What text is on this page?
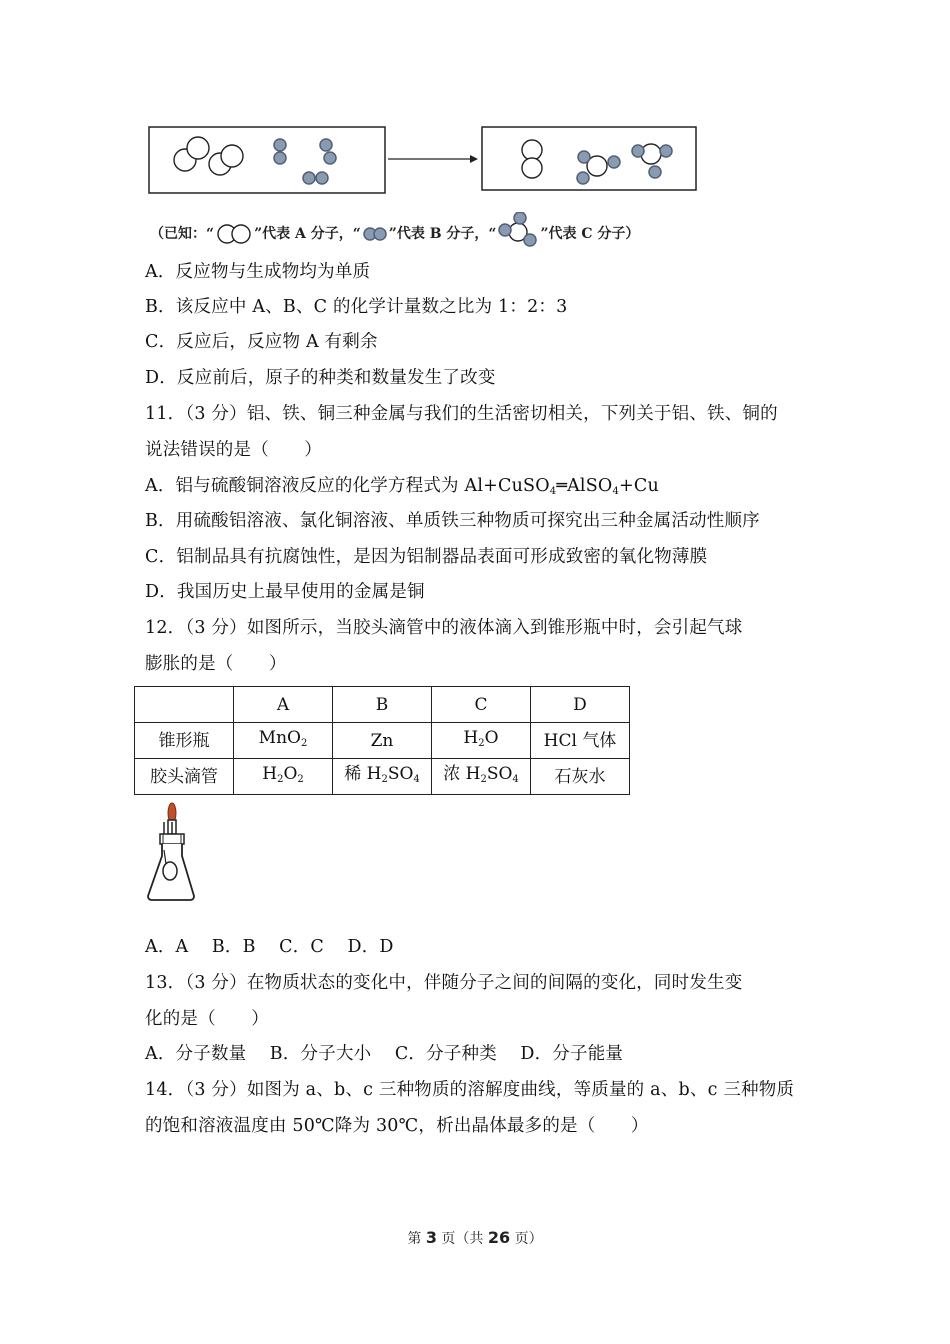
（已知：“	”代表 A 分子，“ ”代表 B 分子，“	”代表 C 分子）
A．反应物与生成物均为单质
B．该反应中 A、B、C 的化学计量数之比为 1：2：3
C．反应后，反应物 A 有剩余
D．反应前后，原子的种类和数量发生了改变
11．（3 分）铝、铁、铜三种金属与我们的生活密切相关，下列关于铝、铁、铜的
说法错误的是（　　）
A．铝与硫酸铜溶液反应的化学方程式为 Al+CuSO$_4$═AlSO$_4$+Cu
B．用硫酸铝溶液、氯化铜溶液、单质铁三种物质可探究出三种金属活动性顺序
C．铝制品具有抗腐蚀性，是因为铝制器品表面可形成致密的氧化物薄膜
D．我国历史上最早使用的金属是铜
12．（3 分）如图所示，当胶头滴管中的液体滴入到锥形瓶中时，会引起气球
膨胀的是（　　）
	A	B	C	D
锥形瓶	MnO$_2$	Zn	$H_2O$	HCl 气体
胶头滴管	$H_2O_2$	稀 $H_2SO_4$	浓 $H_2SO_4$	石灰水
A．A　 B．B　 C．C　 D．D
13．（3 分）在物质状态的变化中，伴随分子之间的间隔的变化，同时发生变
化的是（　　）
A．分子数量　 B．分子大小　 C．分子种类　 D．分子能量
14．（3 分）如图为 a、b、c 三种物质的溶解度曲线，等质量的 a、b、c 三种物质
的饱和溶液温度由 50℃降为 30℃，析出晶体最多的是（　　）
第 3 页（共 26 页）
